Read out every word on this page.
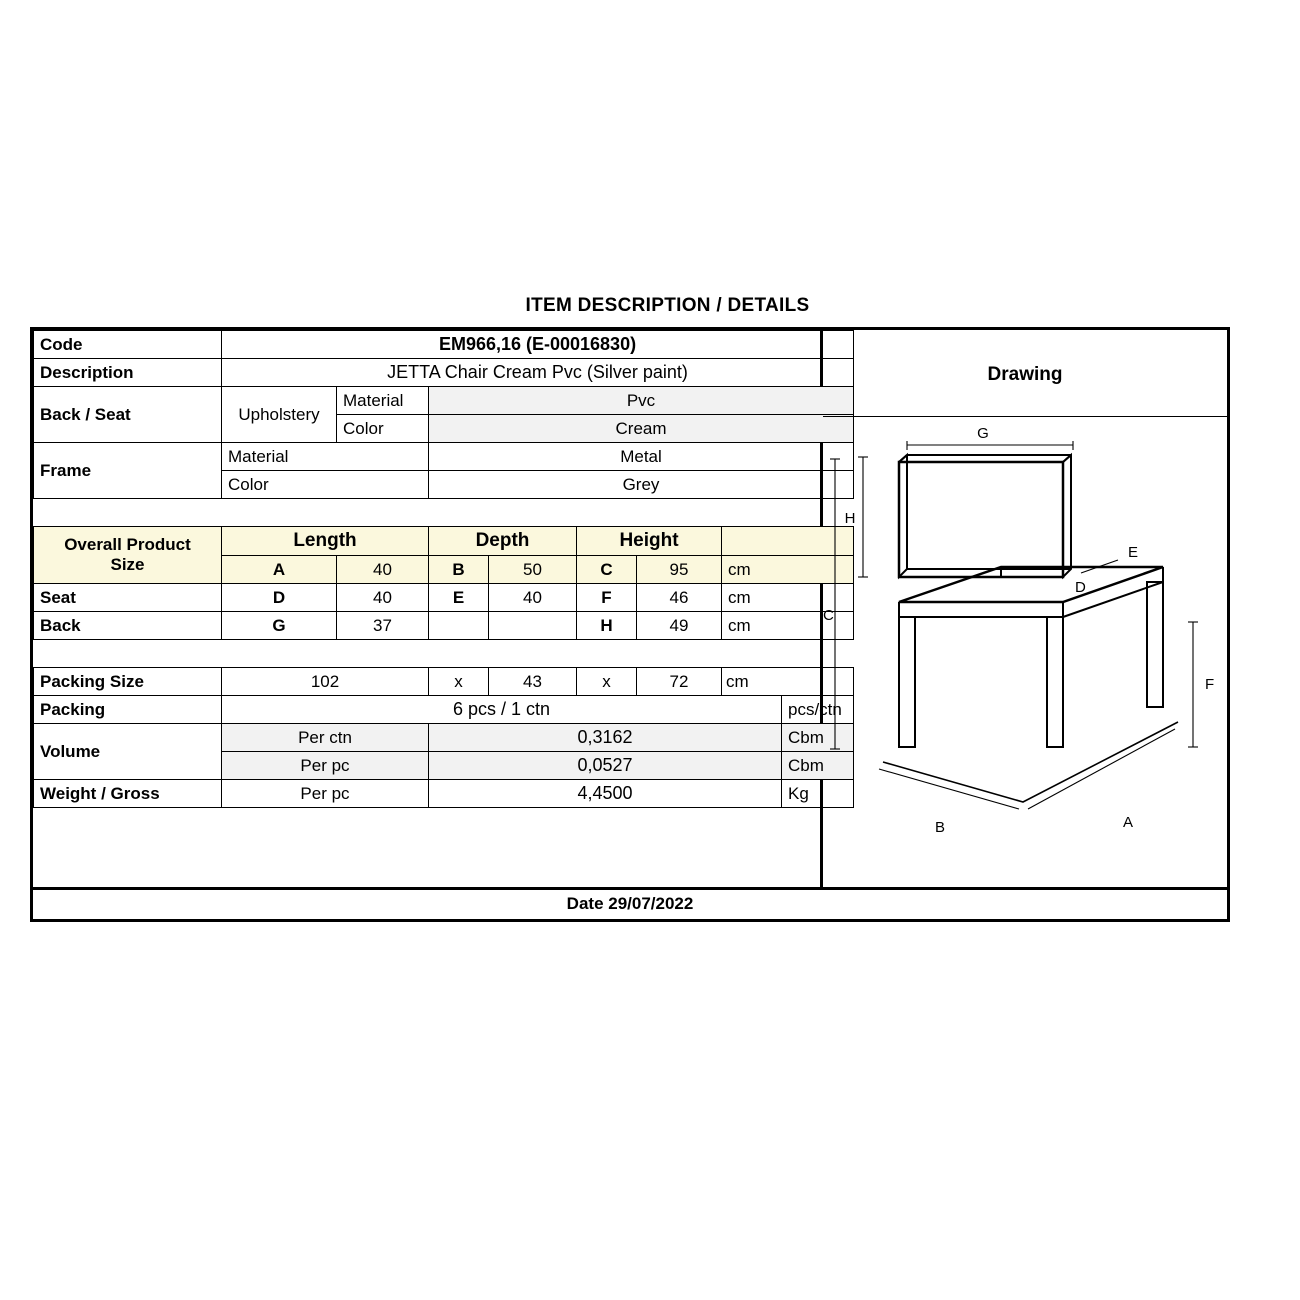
ITEM DESCRIPTION / DETAILS
Code	EM966,16 (E-00016830)							
Description	JETTA Chair Cream Pvc (Silver paint)							
Back / Seat	Upholstery	Material	Pvc					
		Color	Cream					
Frame	Material		Metal					
	Color		Grey					

Overall Product
Size	Length		Depth		Height			
	A	40	B	50	C	95	cm	
Seat	D	40	E	40	F	46	cm	
Back	G	37			H	49	cm	

Packing Size	102		x	43	x	72	cm	
Packing	6 pcs / 1 ctn							pcs/ctn
Volume	Per ctn		0,3162					Cbm
	Per pc		0,0527					Cbm
Weight / Gross	Per pc		4,4500					Kg
Drawing
G
H
C
E
D
F
B	A
Date 29/07/2022
